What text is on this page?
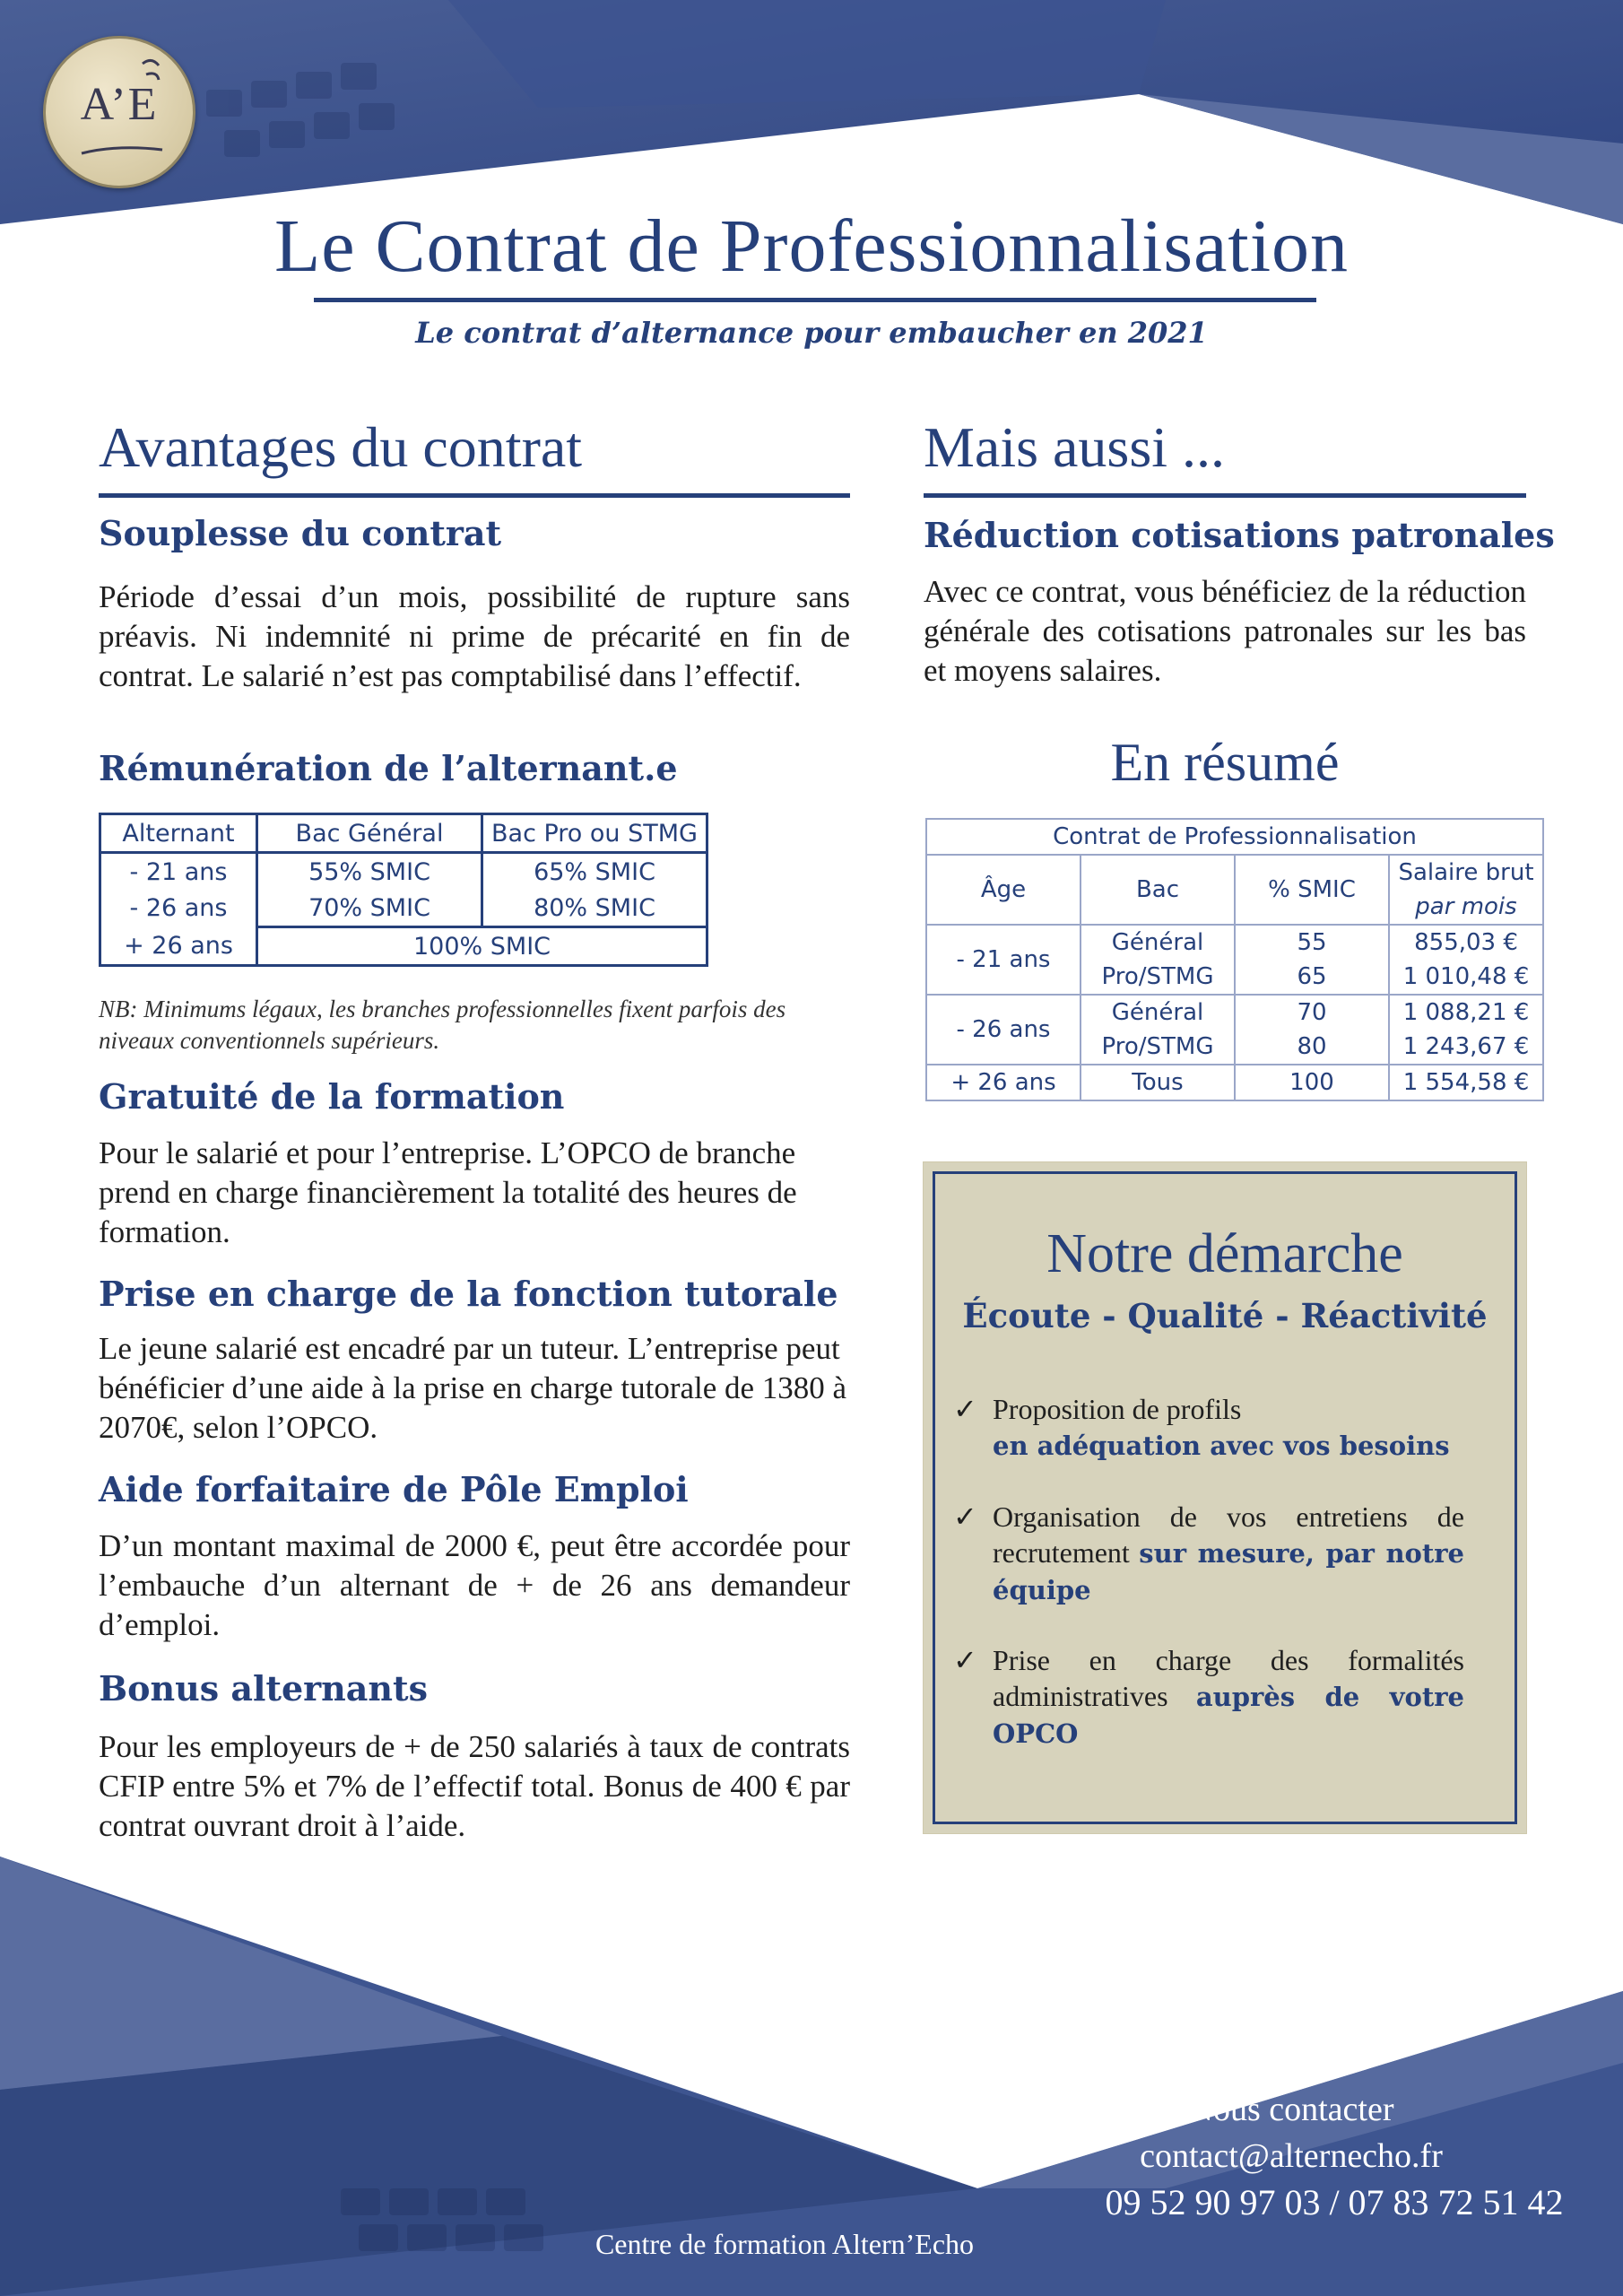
A’E
Le Contrat de Professionnalisation
Le contrat d’alternance pour embaucher en 2021
Avantages du contrat
Souplesse du contrat
Période d’essai d’un mois, possibilité de rupture sans préavis. Ni indemnité ni prime de précarité en fin de contrat. Le salarié n’est pas comptabilisé dans l’effectif.
Rémunération de l’alternant.e
Alternant	Bac Général	Bac Pro ou STMG
- 21 ans	55% SMIC	65% SMIC
- 26 ans	70% SMIC	80% SMIC
+ 26 ans	100% SMIC	
NB: Minimums légaux, les branches professionnelles fixent parfois des niveaux conventionnels supérieurs.
Gratuité de la formation
Pour le salarié et pour l’entreprise. L’OPCO de branche prend en charge financièrement la totalité des heures de formation.
Prise en charge de la fonction tutorale
Le jeune salarié est encadré par un tuteur. L’entreprise peut bénéficier d’une aide à la prise en charge tutorale de 1380 à 2070€, selon l’OPCO.
Aide forfaitaire de Pôle Emploi
D’un montant maximal de 2000 €, peut être accordée pour l’embauche d’un alternant de + de 26 ans demandeur d’emploi.
Bonus alternants
Pour les employeurs de + de 250 salariés à taux de contrats CFIP entre 5% et 7% de l’effectif total. Bonus de 400 € par contrat ouvrant droit à l’aide.
Mais aussi ...
Réduction cotisations patronales
Avec ce contrat, vous bénéficiez de la réduction générale des cotisations patronales sur les bas et moyens salaires.
En résumé
Contrat de Professionnalisation			
Âge	Bac	% SMIC	Salaire brut
			par mois
- 21 ans	Général	55	855,03 €
	Pro/STMG	65	1 010,48 €
- 26 ans	Général	70	1 088,21 €
	Pro/STMG	80	1 243,67 €
+ 26 ans	Tous	100	1 554,58 €
Notre démarche
Écoute - Qualité - Réactivité
✓ Proposition de profils
en adéquation avec vos besoins
✓ Organisation de vos entretiens de recrutement sur mesure, par notre équipe
✓ Prise en charge des formalités administratives auprès de votre OPCO
Nous contacter
contact@alternecho.fr
09 52 90 97 03 / 07 83 72 51 42
Centre de formation Altern’Echo
